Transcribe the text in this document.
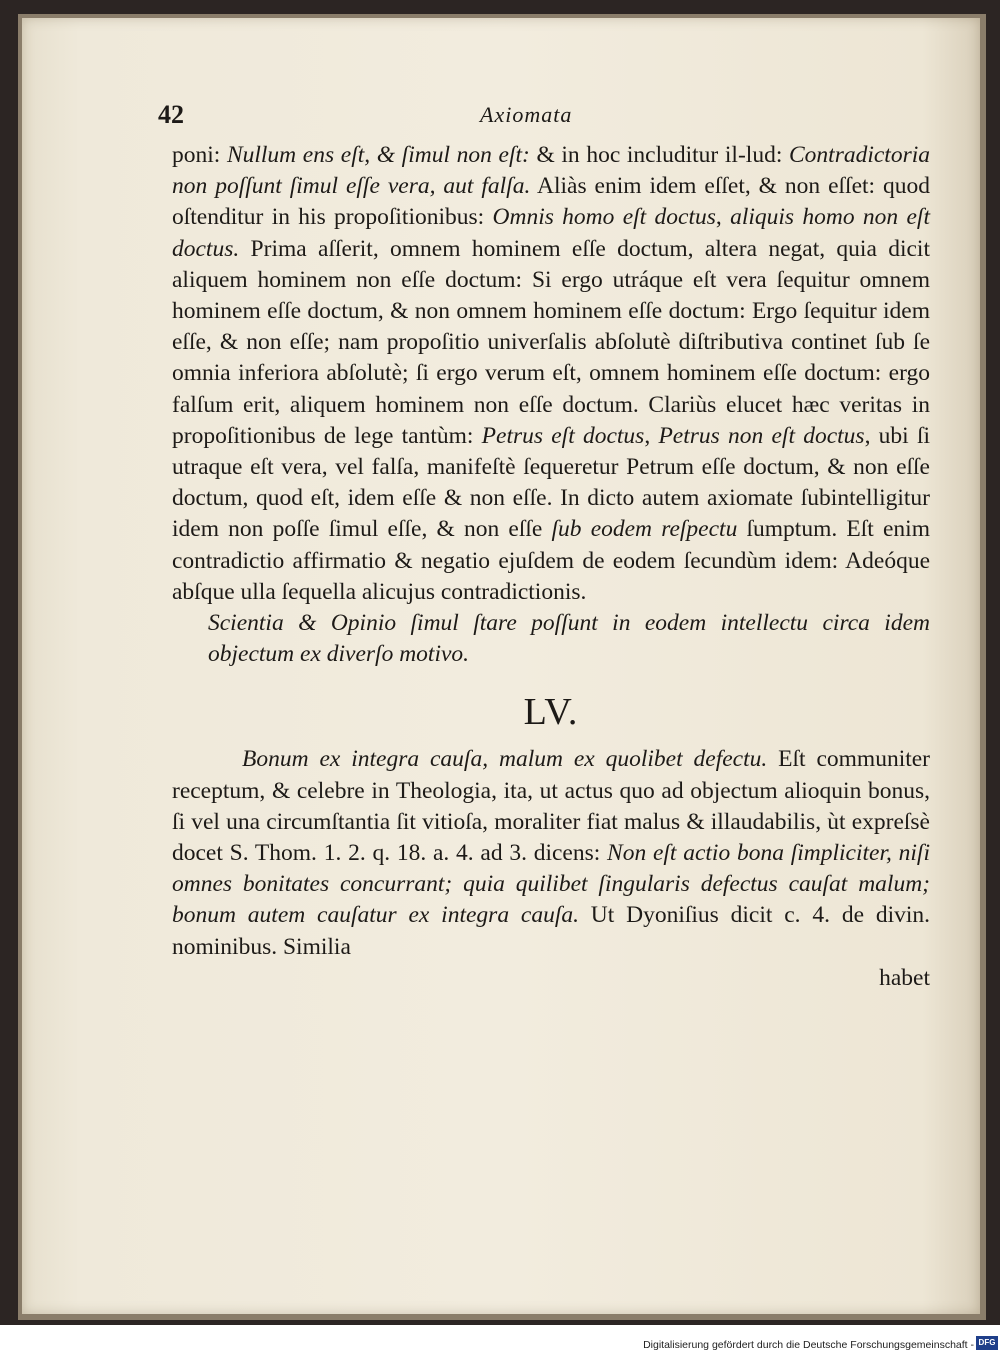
42	Axiomata

poni: Nullum ens eſt, & ſimul non eſt: & in hoc includitur il-lud: Contradictoria non poſſunt ſimul eſſe vera, aut falſa. Aliàs enim idem eſſet, & non eſſet: quod oſtenditur in his propoſitionibus: Omnis homo eſt doctus, aliquis homo non eſt doctus. Prima aſſerit, omnem hominem eſſe doctum, altera negat, quia dicit aliquem hominem non eſſe doctum: Si ergo utráque eſt vera ſequitur omnem hominem eſſe doctum, & non omnem hominem eſſe doctum: Ergo ſequitur idem eſſe, & non eſſe; nam propoſitio univerſalis abſolutè diſtributiva continet ſub ſe omnia inferiora abſolutè; ſi ergo verum eſt, omnem hominem eſſe doctum: ergo falſum erit, aliquem hominem non eſſe doctum. Clariùs elucet hæc veritas in propoſitionibus de lege tantùm: Petrus eſt doctus, Petrus non eſt doctus, ubi ſi utraque eſt vera, vel falſa, manifeſtè ſequeretur Petrum eſſe doctum, & non eſſe doctum, quod eſt, idem eſſe & non eſſe. In dicto autem axiomate ſubintelligitur idem non poſſe ſimul eſſe, & non eſſe ſub eodem reſpectu ſumptum. Eſt enim contradictio affirmatio & negatio ejuſdem de eodem ſecundùm idem: Adeóque abſque ulla ſequella alicujus contradictionis.

Scientia & Opinio ſimul ſtare poſſunt in eodem intellectu circa idem objectum ex diverſo motivo.

LV.

Bonum ex integra cauſa, malum ex quolibet defectu. Eſt communiter receptum, & celebre in Theologia, ita, ut actus quo ad objectum alioquin bonus, ſi vel una circumſtantia ſit vitioſa, moraliter fiat malus & illaudabilis, ùt expreſsè docet S. Thom. 1. 2. q. 18. a. 4. ad 3. dicens: Non eſt actio bona ſimpliciter, niſi omnes bonitates concurrant; quia quilibet ſingularis defectus cauſat malum; bonum autem cauſatur ex integra cauſa. Ut Dyoniſius dicit c. 4. de divin. nominibus. Similia

habet

Digitalisierung gefördert durch die Deutsche Forschungsgemeinschaft - DFG
